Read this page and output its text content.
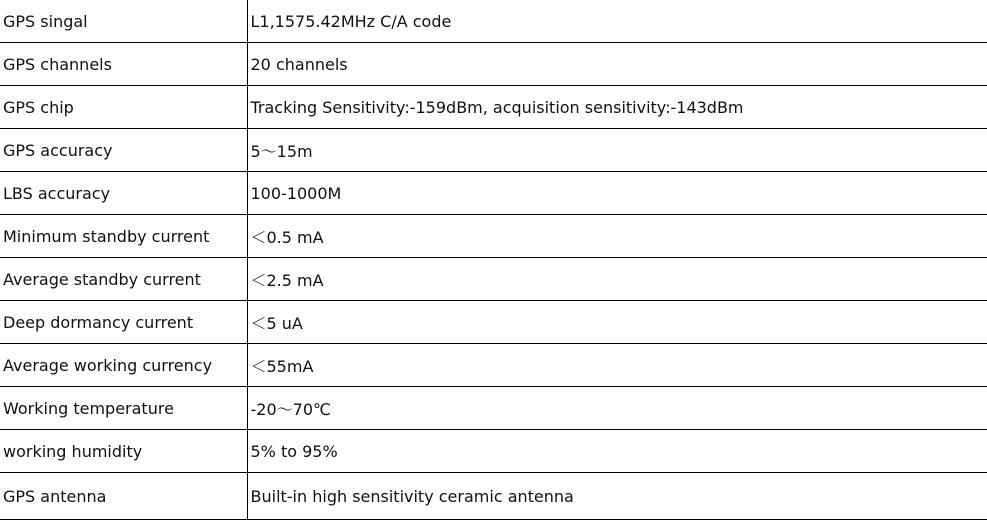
GPS singal	L1,1575.42MHz C/A code
GPS channels	20 channels
GPS chip	Tracking Sensitivity:-159dBm, acquisition sensitivity:-143dBm
GPS accuracy	5～15m
LBS accuracy	100-1000M
Minimum standby current	＜0.5 mA
Average standby current	＜2.5 mA
Deep dormancy current	＜5 uA
Average working currency	＜55mA
Working temperature	-20～70℃
working humidity	5% to 95%
GPS antenna	Built-in high sensitivity ceramic antenna
